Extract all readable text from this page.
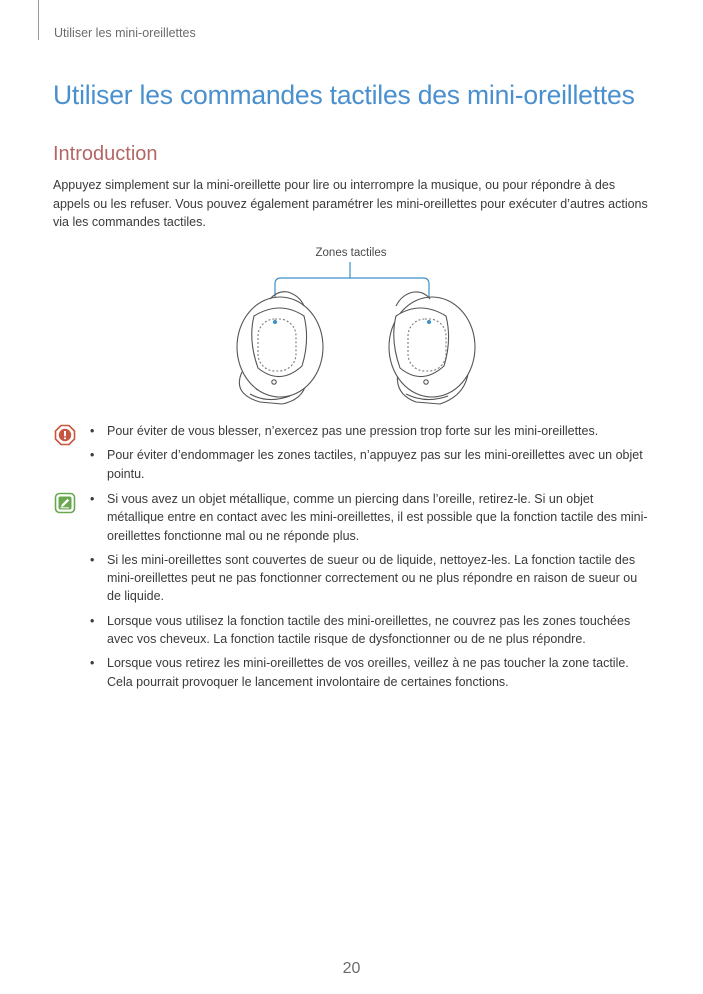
Utiliser les mini-oreillettes
Utiliser les commandes tactiles des mini-oreillettes
Introduction

Appuyez simplement sur la mini-oreillette pour lire ou interrompre la musique, ou pour répondre à des appels ou les refuser. Vous pouvez également paramétrer les mini-oreillettes pour exécuter d’autres actions via les commandes tactiles.

Zones tactiles
• Pour éviter de vous blesser, n’exercez pas une pression trop forte sur les mini-oreillettes.
• Pour éviter d’endommager les zones tactiles, n’appuyez pas sur les mini-oreillettes avec un objet pointu.
• Si vous avez un objet métallique, comme un piercing dans l’oreille, retirez-le. Si un objet métallique entre en contact avec les mini-oreillettes, il est possible que la fonction tactile des mini-oreillettes fonctionne mal ou ne réponde plus.
• Si les mini-oreillettes sont couvertes de sueur ou de liquide, nettoyez-les. La fonction tactile des mini-oreillettes peut ne pas fonctionner correctement ou ne plus répondre en raison de sueur ou de liquide.
• Lorsque vous utilisez la fonction tactile des mini-oreillettes, ne couvrez pas les zones touchées avec vos cheveux. La fonction tactile risque de dysfonctionner ou de ne plus répondre.
• Lorsque vous retirez les mini-oreillettes de vos oreilles, veillez à ne pas toucher la zone tactile. Cela pourrait provoquer le lancement involontaire de certaines fonctions.
20
